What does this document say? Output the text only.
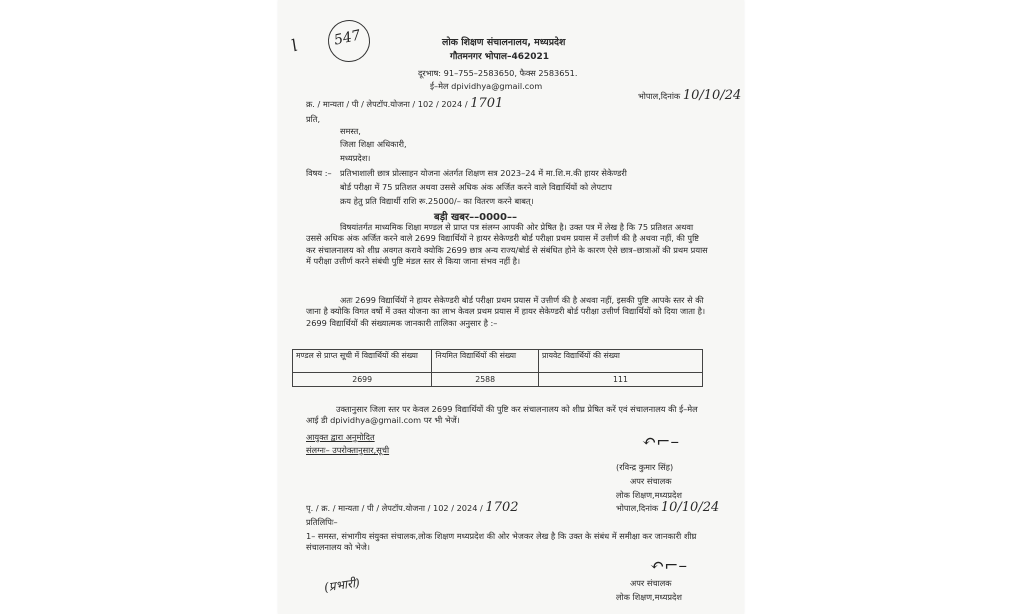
547
l	लोक शिक्षण संचालनालय, मध्यप्रदेश
गौतमनगर भोपाल–462021
दूरभाष: 91–755–2583650, फैक्स 2583651.
ई–मेल dpividhya@gmail.com
क्र. / मान्यता / पी / लेपटॉप.योजना / 102 / 2024 / 1701	भोपाल,दिनांक 10/10/24
प्रति,
समस्त,
जिला शिक्षा अधिकारी,
मध्यप्रदेश।
विषय :– प्रतिभाशाली छात्र प्रोत्साहन योजना अंतर्गत शिक्षण सत्र 2023–24 में मा.शि.म.की हायर सेकेण्डरी
बोर्ड परीक्षा में 75 प्रतिशत अथवा उससे अधिक अंक अर्जित करने वाले विद्यार्थियों को लेपटाप
क्रय हेतु प्रति विद्यार्थी राशि रू.25000/– का वितरण करने बाबत्।
बड़ी खबर––0000––
विषयांतर्गत माध्यमिक शिक्षा मण्डल से प्राप्त पत्र संलग्न आपकी ओर प्रेषित है। उक्त पत्र में लेख है कि 75 प्रतिशत अथवा उससे अधिक अंक अर्जित करने वाले 2699 विद्यार्थियों ने हायर सेकेण्डरी बोर्ड परीक्षा प्रथम प्रयास में उत्तीर्ण की है अथवा नहीं, की पुष्टि कर संचालनालय को शीघ्र अवगत करावे क्योकि 2699 छात्र अन्य राज्य/बोर्ड से संबंधित होने के कारण ऐसे छात्र–छात्राओं की प्रथम प्रयास में परीक्षा उत्तीर्ण करने संबंधी पुष्टि मंडल स्तर से किया जाना संभव नहीं है।
अतः 2699 विद्यार्थियों ने हायर सेकेण्डरी बोर्ड परीक्षा प्रथम प्रयास में उत्तीर्ण की है अथवा नहीं, इसकी पुष्टि आपके स्तर से की जाना है क्योकि विगत वर्षो में उक्त योजना का लाभ केवल प्रथम प्रयास में हायर सेकेण्डरी बोर्ड परीक्षा उत्तीर्ण विद्यार्थियों को दिया जाता है। 2699 विद्यार्थियों की संख्यात्मक जानकारी तालिका अनुसार है :–
मण्डल से प्राप्त सूची में विद्यार्थियों की संख्या	नियमित विद्यार्थियों की संख्या	प्रायवेट विद्यार्थियों की संख्या
2699	2588	111
उक्तानुसार जिला स्तर पर केवल 2699 विद्यार्थियों की पुष्टि कर संचालनालय को शीघ्र प्रेषित करें एवं संचालनालय की ई–मेल आई डी dpividhya@gmail.com पर भी भेजें।
आयुक्त द्वारा अनुमोदित
संलग्नः– उपरोक्तानुसार,सूची	↶⌐–
(रविन्द्र कुमार सिंह)
अपर संचालक
लोक शिक्षण,मध्यप्रदेश
भोपाल,दिनांक 10/10/24
पृ. / क्र. / मान्यता / पी / लेपटॉप.योजना / 102 / 2024 / 1702
प्रतिलिपिः–
1– समस्त, संभागीय संयुक्त संचालक,लोक शिक्षण मध्यप्रदेश की ओर भेजकर लेख है कि उक्त के संबंध में समीक्षा कर जानकारी शीघ्र संचालनालय को भेजे।
↶⌐–
अपर संचालक
लोक शिक्षण,मध्यप्रदेश
(प्रभारी)
